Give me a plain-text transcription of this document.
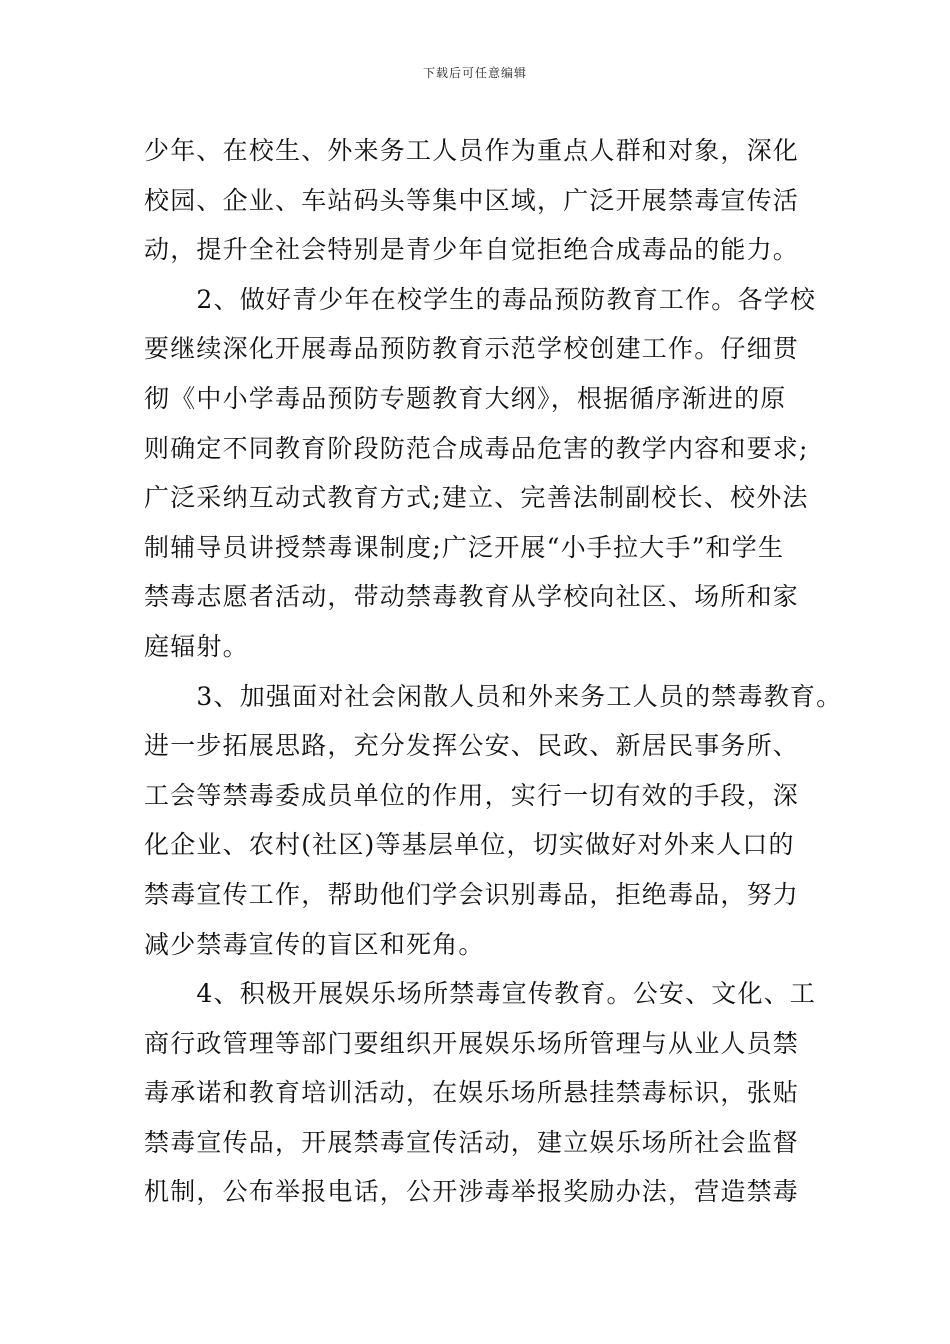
下载后可任意编辑
少年、在校生、外来务工人员作为重点人群和对象，深化
校园、企业、车站码头等集中区域，广泛开展禁毒宣传活
动，提升全社会特别是青少年自觉拒绝合成毒品的能力。
　　2、做好青少年在校学生的毒品预防教育工作。各学校
要继续深化开展毒品预防教育示范学校创建工作。仔细贯
彻《中小学毒品预防专题教育大纲》，根据循序渐进的原
则确定不同教育阶段防范合成毒品危害的教学内容和要求;
广泛采纳互动式教育方式;建立、完善法制副校长、校外法
制辅导员讲授禁毒课制度;广泛开展“小手拉大手”和学生
禁毒志愿者活动，带动禁毒教育从学校向社区、场所和家
庭辐射。
　　3、加强面对社会闲散人员和外来务工人员的禁毒教育。
进一步拓展思路，充分发挥公安、民政、新居民事务所、
工会等禁毒委成员单位的作用，实行一切有效的手段，深
化企业、农村(社区)等基层单位，切实做好对外来人口的
禁毒宣传工作，帮助他们学会识别毒品，拒绝毒品，努力
减少禁毒宣传的盲区和死角。
　　4、积极开展娱乐场所禁毒宣传教育。公安、文化、工
商行政管理等部门要组织开展娱乐场所管理与从业人员禁
毒承诺和教育培训活动，在娱乐场所悬挂禁毒标识，张贴
禁毒宣传品，开展禁毒宣传活动，建立娱乐场所社会监督
机制，公布举报电话，公开涉毒举报奖励办法，营造禁毒
